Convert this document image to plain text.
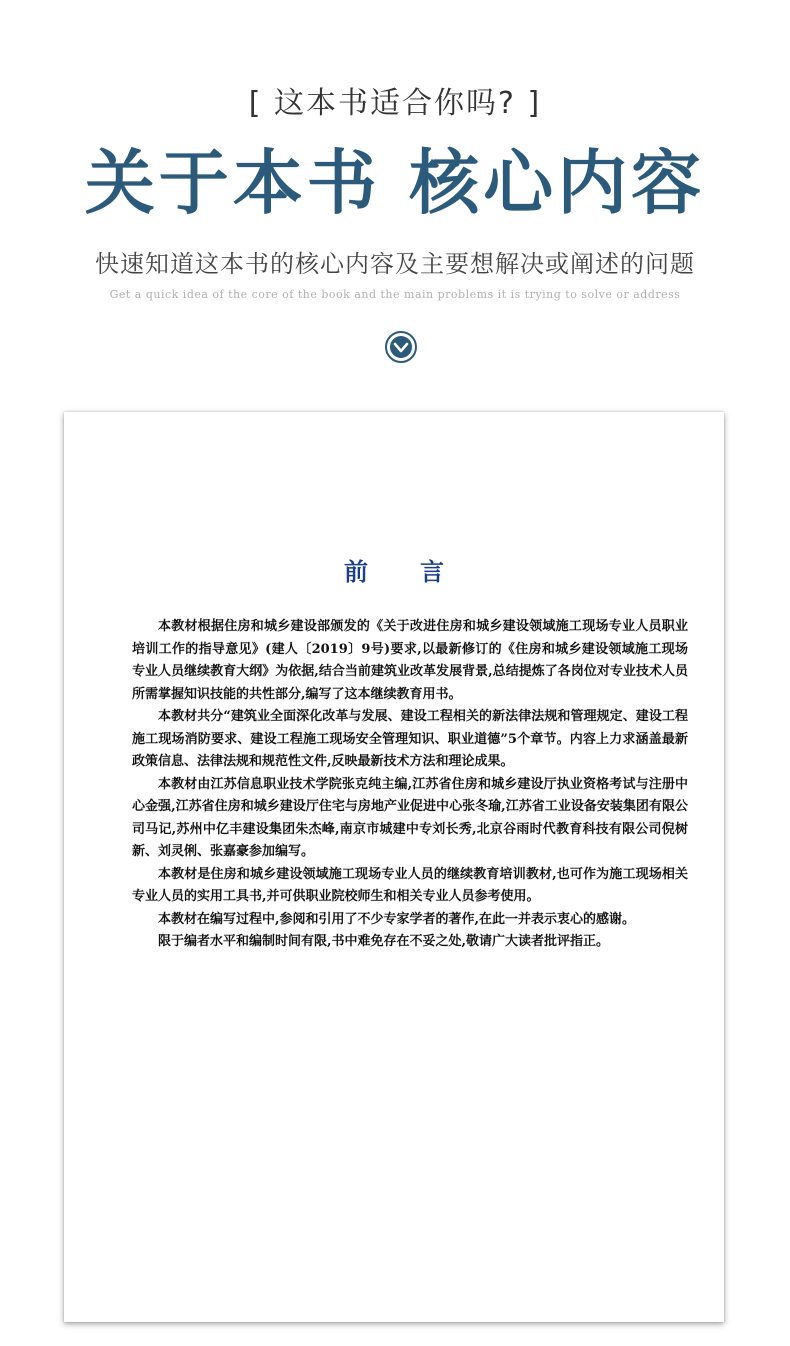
[ 这本书适合你吗? ]
关于本书 核心内容
快速知道这本书的核心内容及主要想解决或阐述的问题
Get a quick idea of the core of the book and the main problems it is trying to solve or address
前言

本教材根据住房和城乡建设部颁发的《关于改进住房和城乡建设领域施工现场专业人员职业培训工作的指导意见》(建人〔2019〕9号)要求,以最新修订的《住房和城乡建设领域施工现场专业人员继续教育大纲》为依据,结合当前建筑业改革发展背景,总结提炼了各岗位对专业技术人员所需掌握知识技能的共性部分,编写了这本继续教育用书。

本教材共分“建筑业全面深化改革与发展、建设工程相关的新法律法规和管理规定、建设工程施工现场消防要求、建设工程施工现场安全管理知识、职业道德”5个章节。内容上力求涵盖最新政策信息、法律法规和规范性文件,反映最新技术方法和理论成果。

本教材由江苏信息职业技术学院张克纯主编,江苏省住房和城乡建设厅执业资格考试与注册中心金强,江苏省住房和城乡建设厅住宅与房地产业促进中心张冬瑜,江苏省工业设备安装集团有限公司马记,苏州中亿丰建设集团朱杰峰,南京市城建中专刘长秀,北京谷雨时代教育科技有限公司倪树新、刘灵俐、张嘉豪参加编写。

本教材是住房和城乡建设领域施工现场专业人员的继续教育培训教材,也可作为施工现场相关专业人员的实用工具书,并可供职业院校师生和相关专业人员参考使用。

本教材在编写过程中,参阅和引用了不少专家学者的著作,在此一并表示衷心的感谢。

限于编者水平和编制时间有限,书中难免存在不妥之处,敬请广大读者批评指正。
